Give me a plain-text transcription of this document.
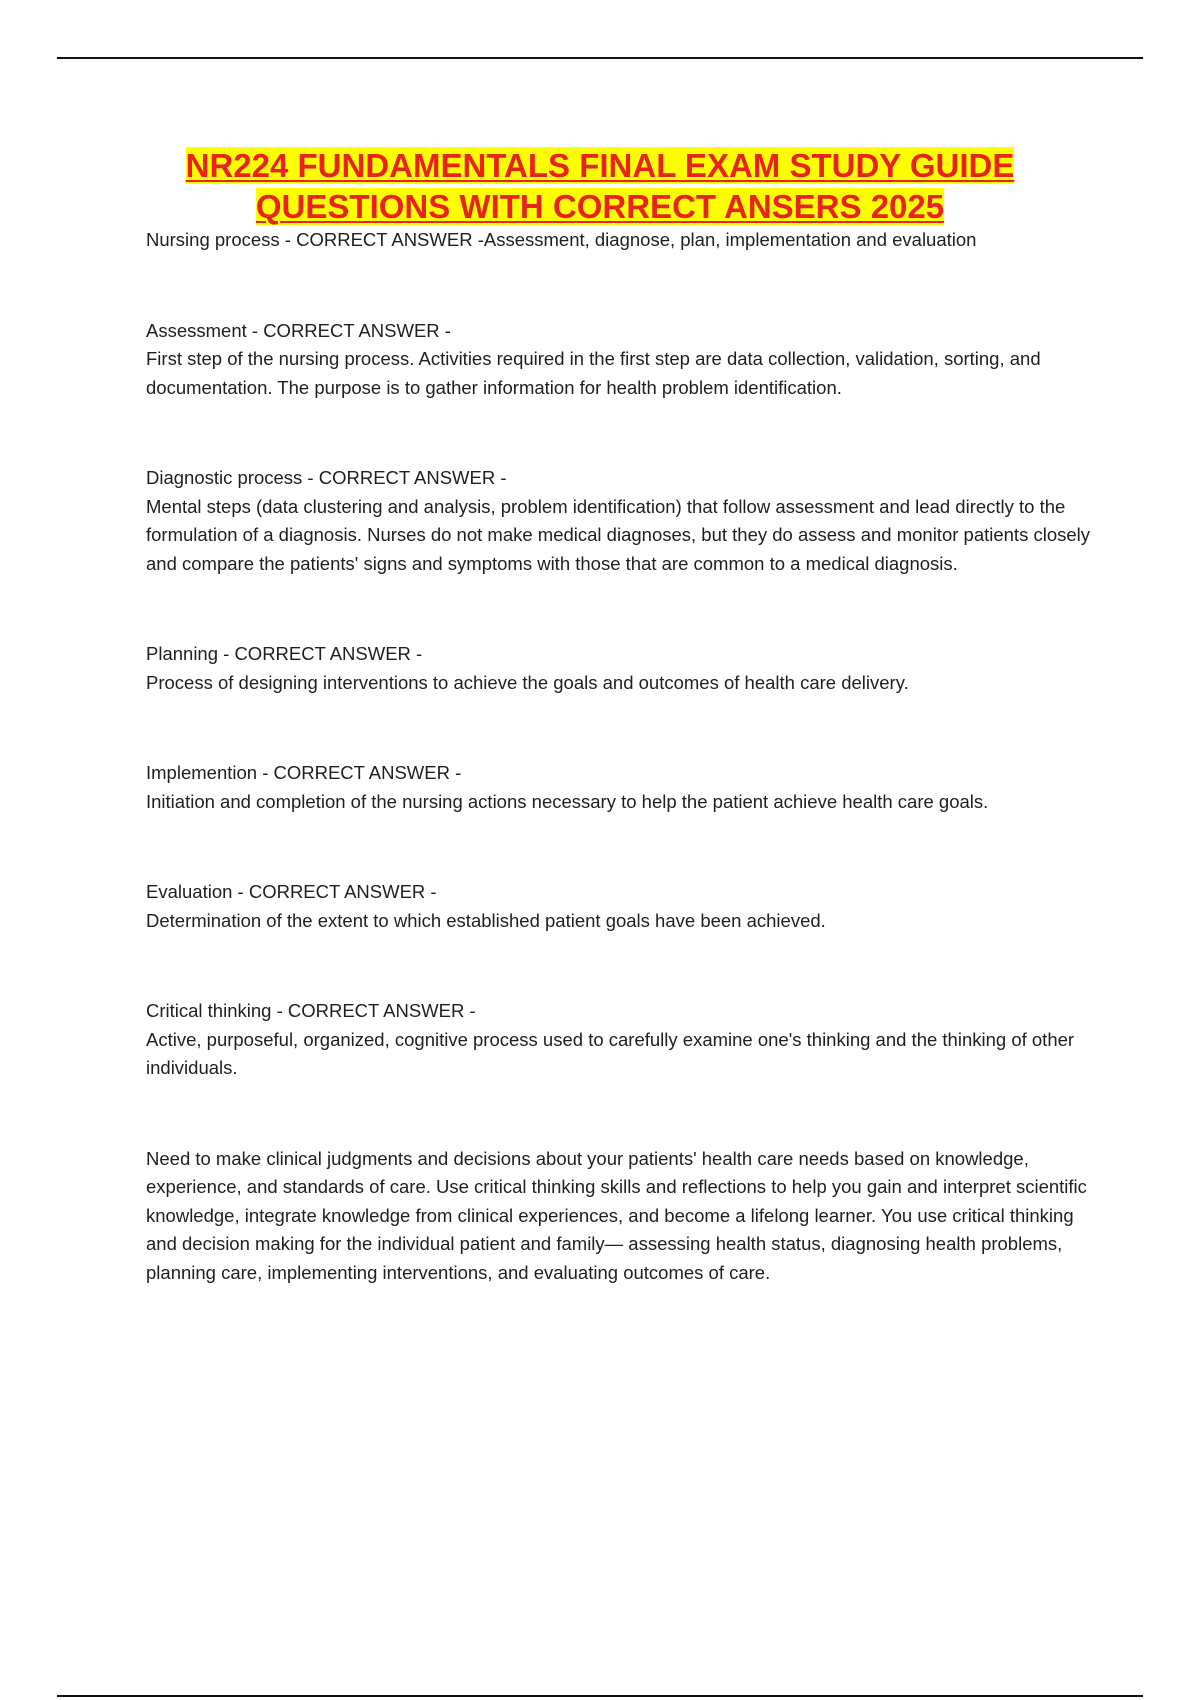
NR224 FUNDAMENTALS FINAL EXAM STUDY GUIDE
QUESTIONS WITH CORRECT ANSERS 2025
Nursing process - CORRECT ANSWER -Assessment, diagnose, plan, implementation and evaluation
Assessment - CORRECT ANSWER -
First step of the nursing process. Activities required in the first step are data collection, validation, sorting, and documentation. The purpose is to gather information for health problem identification.
Diagnostic process - CORRECT ANSWER -
Mental steps (data clustering and analysis, problem identification) that follow assessment and lead directly to the formulation of a diagnosis. Nurses do not make medical diagnoses, but they do assess and monitor patients closely and compare the patients' signs and symptoms with those that are common to a medical diagnosis.
Planning - CORRECT ANSWER -
Process of designing interventions to achieve the goals and outcomes of health care delivery.
Implemention - CORRECT ANSWER -
Initiation and completion of the nursing actions necessary to help the patient achieve health care goals.
Evaluation - CORRECT ANSWER -
Determination of the extent to which established patient goals have been achieved.
Critical thinking - CORRECT ANSWER -
Active, purposeful, organized, cognitive process used to carefully examine one's thinking and the thinking of other individuals.
Need to make clinical judgments and decisions about your patients' health care needs based on knowledge, experience, and standards of care. Use critical thinking skills and reflections to help you gain and interpret scientific knowledge, integrate knowledge from clinical experiences, and become a lifelong learner. You use critical thinking and decision making for the individual patient and family— assessing health status, diagnosing health problems, planning care, implementing interventions, and evaluating outcomes of care.
